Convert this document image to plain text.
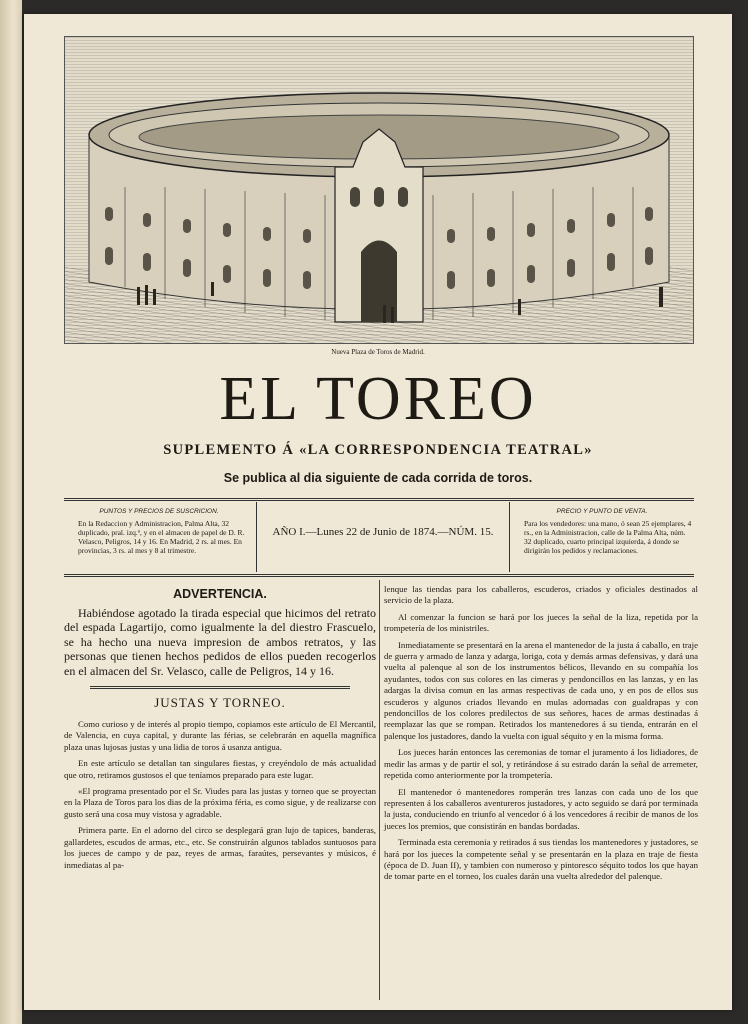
Nueva Plaza de Toros de Madrid.
EL TOREO
SUPLEMENTO Á «LA CORRESPONDENCIA TEATRAL»
Se publica al dia siguiente de cada corrida de toros.
PUNTOS Y PRECIOS DE SUSCRICION.
En la Redaccion y Administracion, Palma Alta, 32 duplicado, pral. izq.ª, y en el almacen de papel de D. R. Velasco, Peligros, 14 y 16. En Madrid, 2 rs. al mes. En provincias, 3 rs. al mes y 8 al trimestre.
AÑO I.—Lunes 22 de Junio de 1874.—NÚM. 15.
PRECIO Y PUNTO DE VENTA.
Para los vendedores: una mano, ó sean 25 ejemplares, 4 rs., en la Administracion, calle de la Palma Alta, núm. 32 duplicado, cuarto principal izquierda, á donde se dirigirán los pedidos y reclamaciones.
ADVERTENCIA.

Habiéndose agotado la tirada especial que hicimos del retrato del espada Lagartijo, como igualmente la del diestro Frascuelo, se ha hecho una nueva impresion de ambos retratos, y las personas que tienen hechos pedidos de ellos pueden recogerlos en el almacen del Sr. Velasco, calle de Peligros, 14 y 16.

JUSTAS Y TORNEO.

Como curioso y de interés al propio tiempo, copiamos este artículo de El Mercantil, de Valencia, en cuya capital, y durante las férias, se celebrarán en aquella magnífica plaza unas lujosas justas y una lidia de toros á usanza antigua.

En este artículo se detallan tan singulares fiestas, y creyéndolo de más actualidad que otro, retiramos gustosos el que teníamos preparado para este lugar.

«El programa presentado por el Sr. Viudes para las justas y torneo que se proyectan en la Plaza de Toros para los dias de la próxima féria, es como sigue, y de realizarse con gusto será una cosa muy vistosa y agradable.

Primera parte. En el adorno del circo se desplegará gran lujo de tapices, banderas, gallardetes, escudos de armas, etc., etc. Se construirán algunos tablados suntuosos para los jueces de campo y de paz, reyes de armas, faraútes, persevantes y músicos, é inmediatas al pa-

lenque las tiendas para los caballeros, escuderos, criados y oficiales destinados al servicio de la plaza.

Al comenzar la funcion se hará por los jueces la señal de la liza, repetida por la trompetería de los ministriles.

Inmediatamente se presentará en la arena el mantenedor de la justa á caballo, en traje de guerra y armado de lanza y adarga, loriga, cota y demás armas defensivas, y dará una vuelta al palenque al son de los instrumentos bélicos, llevando en su compañía los ayudantes, todos con sus colores en las cimeras y pendoncillos en las lanzas, y en las adargas la divisa comun en las armas respectivas de cada uno, y en pos de ellos sus escuderos y algunos criados llevando en mulas adornadas con gualdrapas y con pendoncillos de los colores predilectos de sus señores, haces de armas destinadas á reemplazar las que se rompan. Retirados los mantenedores á su tienda, entrarán en el palenque los justadores, dando la vuelta con igual séquito y en la misma forma.

Los jueces harán entonces las ceremonias de tomar el juramento á los lidiadores, de medir las armas y de partir el sol, y retirándose á su estrado darán la señal de arremeter, repetida como anteriormente por la trompetería.

El mantenedor ó mantenedores romperán tres lanzas con cada uno de los que representen á los caballeros aventureros justadores, y acto seguido se dará por terminada la justa, conduciendo en triunfo al vencedor ó á los vencedores á recibir de manos de los jueces los premios, que consistirán en bandas bordadas.

Terminada esta ceremonia y retirados á sus tiendas los mantenedores y justadores, se hará por los jueces la competente señal y se presentarán en la plaza en traje de fiesta (época de D. Juan II), y tambien con numeroso y pintoresco séquito todos los que hayan de tomar parte en el torneo, los cuales darán una vuelta alrededor del palenque.
